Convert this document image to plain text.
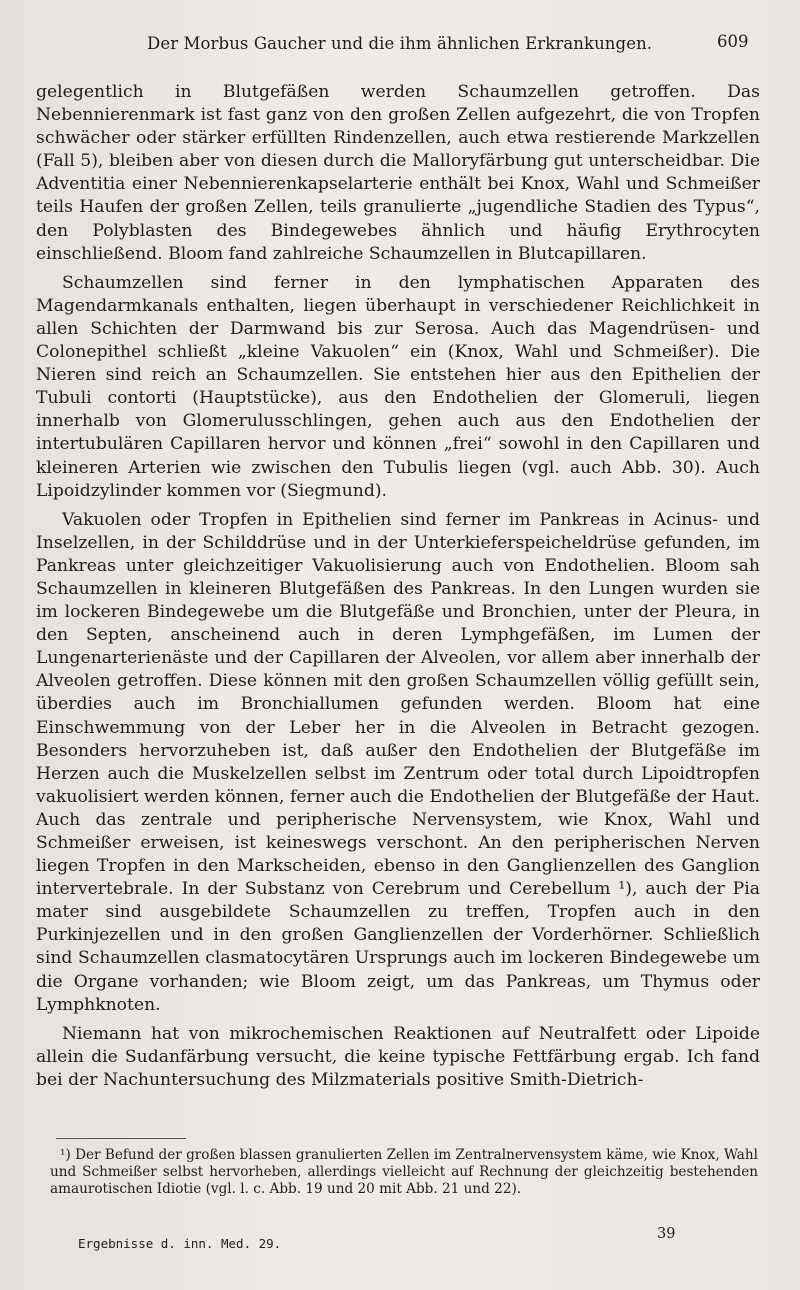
Der Morbus Gaucher und die ihm ähnlichen Erkrankungen.	609

gelegentlich in Blutgefäßen werden Schaumzellen getroffen. Das Nebennierenmark ist fast ganz von den großen Zellen aufgezehrt, die von Tropfen schwächer oder stärker erfüllten Rindenzellen, auch etwa restierende Markzellen (Fall 5), bleiben aber von diesen durch die Malloryfärbung gut unterscheidbar. Die Adventitia einer Nebennierenkapselarterie enthält bei Knox, Wahl und Schmeißer teils Haufen der großen Zellen, teils granulierte „jugendliche Stadien des Typus“, den Polyblasten des Bindegewebes ähnlich und häufig Erythrocyten einschließend. Bloom fand zahlreiche Schaumzellen in Blutcapillaren.

Schaumzellen sind ferner in den lymphatischen Apparaten des Magendarmkanals enthalten, liegen überhaupt in verschiedener Reichlichkeit in allen Schichten der Darmwand bis zur Serosa. Auch das Magendrüsen- und Colonepithel schließt „kleine Vakuolen“ ein (Knox, Wahl und Schmeißer). Die Nieren sind reich an Schaumzellen. Sie entstehen hier aus den Epithelien der Tubuli contorti (Hauptstücke), aus den Endothelien der Glomeruli, liegen innerhalb von Glomerulusschlingen, gehen auch aus den Endothelien der intertubulären Capillaren hervor und können „frei“ sowohl in den Capillaren und kleineren Arterien wie zwischen den Tubulis liegen (vgl. auch Abb. 30). Auch Lipoidzylinder kommen vor (Siegmund).

Vakuolen oder Tropfen in Epithelien sind ferner im Pankreas in Acinus- und Inselzellen, in der Schilddrüse und in der Unterkieferspeicheldrüse gefunden, im Pankreas unter gleichzeitiger Vakuolisierung auch von Endothelien. Bloom sah Schaumzellen in kleineren Blutgefäßen des Pankreas. In den Lungen wurden sie im lockeren Bindegewebe um die Blutgefäße und Bronchien, unter der Pleura, in den Septen, anscheinend auch in deren Lymphgefäßen, im Lumen der Lungenarterienäste und der Capillaren der Alveolen, vor allem aber innerhalb der Alveolen getroffen. Diese können mit den großen Schaumzellen völlig gefüllt sein, überdies auch im Bronchiallumen gefunden werden. Bloom hat eine Einschwemmung von der Leber her in die Alveolen in Betracht gezogen. Besonders hervorzuheben ist, daß außer den Endothelien der Blutgefäße im Herzen auch die Muskelzellen selbst im Zentrum oder total durch Lipoidtropfen vakuolisiert werden können, ferner auch die Endothelien der Blutgefäße der Haut. Auch das zentrale und peripherische Nervensystem, wie Knox, Wahl und Schmeißer erweisen, ist keineswegs verschont. An den peripherischen Nerven liegen Tropfen in den Markscheiden, ebenso in den Ganglienzellen des Ganglion intervertebrale. In der Substanz von Cerebrum und Cerebellum ¹), auch der Pia mater sind ausgebildete Schaumzellen zu treffen, Tropfen auch in den Purkinjezellen und in den großen Ganglienzellen der Vorderhörner. Schließlich sind Schaumzellen clasmatocytären Ursprungs auch im lockeren Bindegewebe um die Organe vorhanden; wie Bloom zeigt, um das Pankreas, um Thymus oder Lymphknoten.

Niemann hat von mikrochemischen Reaktionen auf Neutralfett oder Lipoide allein die Sudanfärbung versucht, die keine typische Fettfärbung ergab. Ich fand bei der Nachuntersuchung des Milzmaterials positive Smith-Dietrich-

¹) Der Befund der großen blassen granulierten Zellen im Zentralnervensystem käme, wie Knox, Wahl und Schmeißer selbst hervorheben, allerdings vielleicht auf Rechnung der gleichzeitig bestehenden amaurotischen Idiotie (vgl. l. c. Abb. 19 und 20 mit Abb. 21 und 22).
Ergebnisse d. inn. Med. 29.
39
